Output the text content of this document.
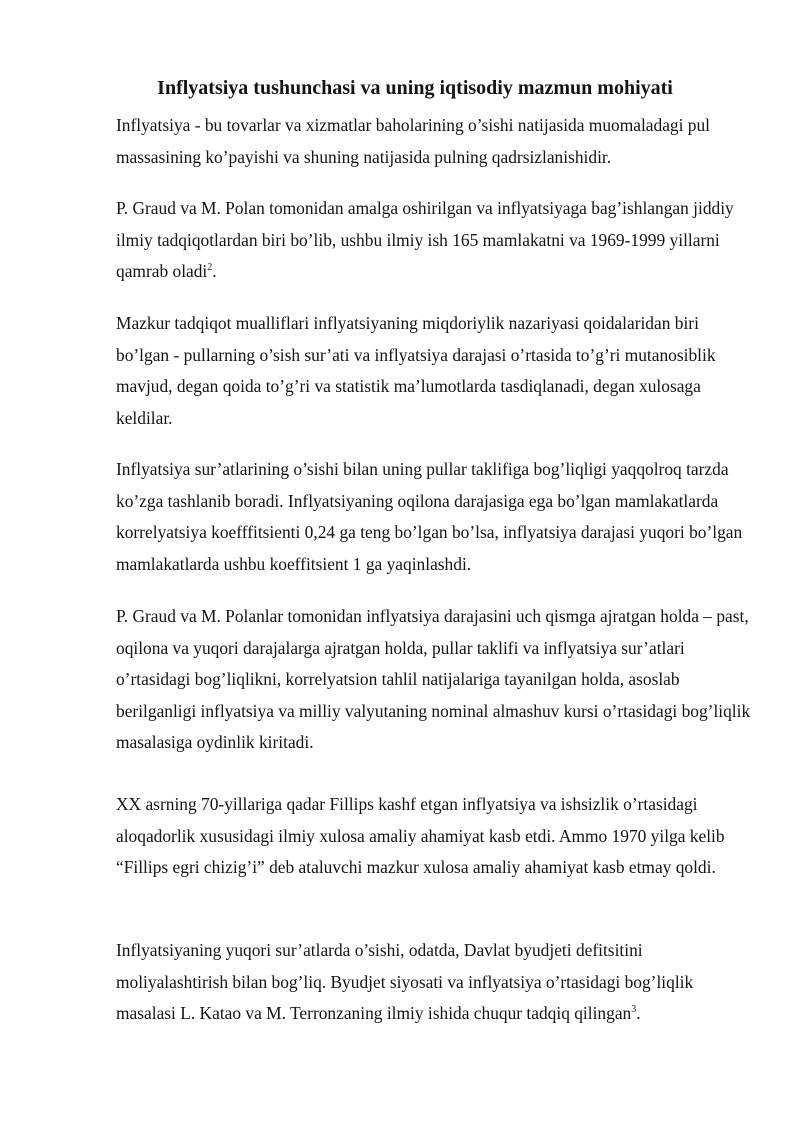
Inflyatsiya tushunchasi va uning iqtisodiy mazmun mohiyati

Inflyatsiya - bu tovarlar va xizmatlar baholarining o’sishi natijasida muomaladagi pul massasining ko’payishi va shuning natijasida pulning qadrsizlanishidir.

P. Graud va M. Polan tomonidan amalga oshirilgan va inflyatsiyaga bag’ishlangan jiddiy ilmiy tadqiqotlardan biri bo’lib, ushbu ilmiy ish 165 mamlakatni va 1969-1999 yillarni qamrab oladi$^2$.

Mazkur tadqiqot mualliflari inflyatsiyaning miqdoriylik nazariyasi qoidalaridan biri bo’lgan - pullarning o’sish sur’ati va inflyatsiya darajasi o’rtasida to’g’ri mutanosiblik mavjud, degan qoida to’g’ri va statistik ma’lumotlarda tasdiqlanadi, degan xulosaga keldilar.

Inflyatsiya sur’atlarining o’sishi bilan uning pullar taklifiga bog’liqligi yaqqolroq tarzda ko’zga tashlanib boradi. Inflyatsiyaning oqilona darajasiga ega bo’lgan mamlakatlarda korrelyatsiya koefffitsienti 0,24 ga teng bo’lgan bo’lsa, inflyatsiya darajasi yuqori bo’lgan mamlakatlarda ushbu koeffitsient 1 ga yaqinlashdi.

P. Graud va M. Polanlar tomonidan inflyatsiya darajasini uch qismga ajratgan holda – past, oqilona va yuqori darajalarga ajratgan holda, pullar taklifi va inflyatsiya sur’atlari o’rtasidagi bog’liqlikni, korrelyatsion tahlil natijalariga tayanilgan holda, asoslab berilganligi inflyatsiya va milliy valyutaning nominal almashuv kursi o’rtasidagi bog’liqlik masalasiga oydinlik kiritadi.

XX asrning 70-yillariga qadar Fillips kashf etgan inflyatsiya va ishsizlik o’rtasidagi aloqadorlik xususidagi ilmiy xulosa amaliy ahamiyat kasb etdi. Ammo 1970 yilga kelib “Fillips egri chizig’i” deb ataluvchi mazkur xulosa amaliy ahamiyat kasb etmay qoldi.

Inflyatsiyaning yuqori sur’atlarda o’sishi, odatda, Davlat byudjeti defitsitini moliyalashtirish bilan bog’liq. Byudjet siyosati va inflyatsiya o’rtasidagi bog’liqlik masalasi L. Katao va M. Terronzaning ilmiy ishida chuqur tadqiq qilingan$^3$.
